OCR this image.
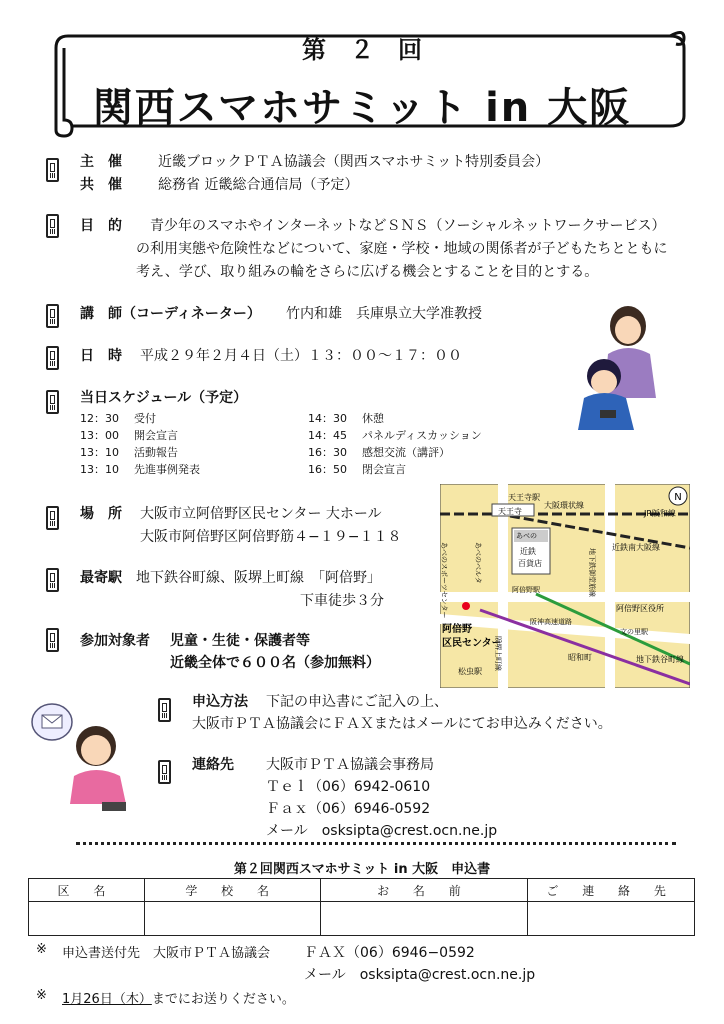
第　２　回
関西スマホサミット in 大阪
主　催	近畿ブロックＰＴＡ協議会（関西スマホサミット特別委員会）
共　催	総務省 近畿総合通信局（予定）
目　的 青少年のスマホやインターネットなどＳＮＳ（ソーシャルネットワークサービス）
の利用実態や危険性などについて、家庭・学校・地域の関係者が子どもたちとともに
考え、学び、取り組みの輪をさらに広げる機会とすることを目的とする。
講　師（コーディネーター） 竹内和雄　兵庫県立大学准教授
日　時 平成２９年２月４日（土）１３：００〜１７：００
当日スケジュール（予定）
12：30 受付
13：00 開会宣言
13：10 活動報告
13：10 先進事例発表
14：30 休憩
14：45 パネルディスカッション
16：30 感想交流（講評）
16：50 閉会宣言
場　所 大阪市立阿倍野区民センター 大ホール
大阪市阿倍野区阿倍野筋４−１９−１１８
最寄駅 地下鉄谷町線、阪堺上町線　「阿倍野」
下車徒歩３分
参加対象者 児童・生徒・保護者等
近畿全体で６００名（参加無料）
N
天王寺駅
天王寺
大阪環状線
JR阪和線
あべの
近鉄
百貨店
近鉄南大阪線
あべのスポーツセンター	あべのベルタ	地下鉄御堂筋線
阿倍野駅
阿倍野区役所
阪神高速道路
文の里駅
地下鉄谷町線
阿倍野
区民センター
阪堺上町線
松虫駅
昭和町
申込方法 下記の申込書にご記入の上、
大阪市ＰＴＡ協議会にＦＡＸまたはメールにてお申込みください。
連絡先 大阪市ＰＴＡ協議会事務局
Ｔｅｌ（06）6942-0610
Ｆａｘ（06）6946-0592
メール　osksipta@crest.ocn.ne.jp
第２回関西スマホサミット in 大阪　申込書
区 名	学 校 名	お 名 前	ご 連 絡 先

※ 申込書送付先　大阪市ＰＴＡ協議会 ＦＡＸ（06）6946−0592
メール　osksipta@crest.ocn.ne.jp
※ 1月26日（木）までにお送りください。
